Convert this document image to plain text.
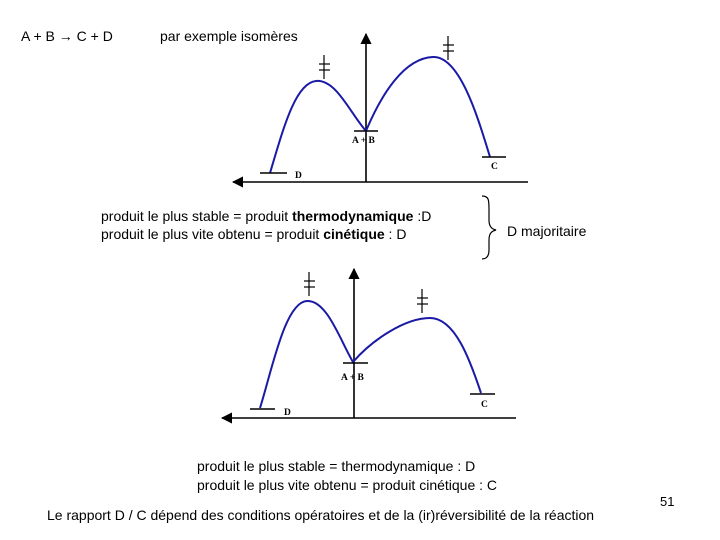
A + B → C + D	par exemple isomères
D
A + B
C
D
A + B
C
produit le plus stable = produit thermodynamique :D
produit le plus vite obtenu = produit cinétique : D	D majoritaire
produit le plus stable = thermodynamique : D
produit le plus vite obtenu = produit cinétique : C
Le rapport D / C dépend des conditions opératoires et de la (ir)réversibilité de la réaction
51
